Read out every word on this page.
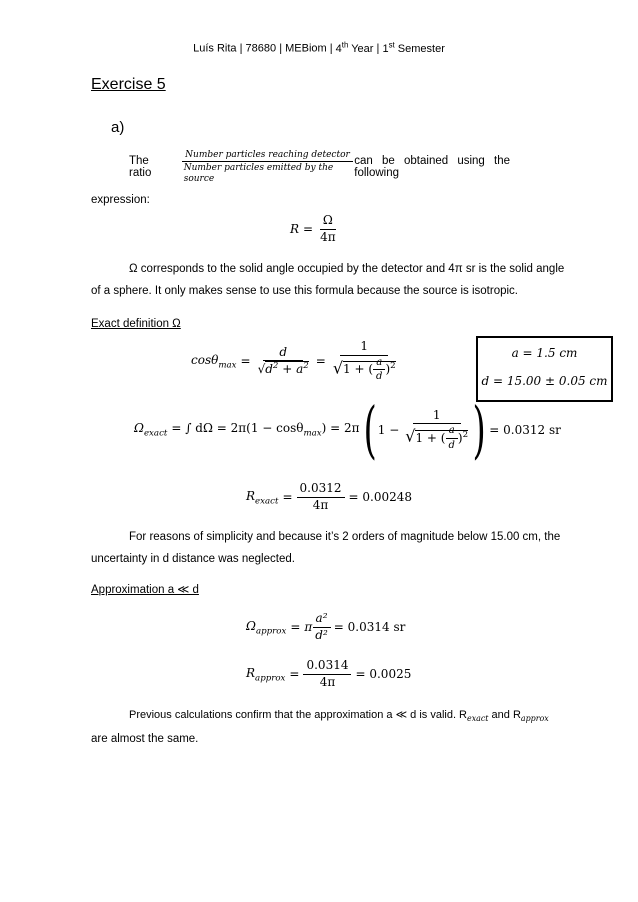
Luís Rita | 78680 | MEBiom | 4th Year | 1st Semester
Exercise 5
a)
The ratio	$\frac{\text{Number particles reaching detector}}{\text{Number particles emitted by the source}}$ can be obtained using the following
expression:
$R = \frac{\Omega}{4\pi}$
Ω corresponds to the solid angle occupied by the detector and 4π sr is the solid angle
of a sphere. It only makes sense to use this formula because the source is isotropic.
Exact definition Ω
a = 1.5 cm
d = 15.00 ± 0.05 cm
$\cos\theta_{max} = \frac{d}{√d^2 + a^2} = \frac{1}{√1 + ( \frac{a}{d} )^2}$
$\Omega_{exact}$ = ∫ dΩ = 2π(1 − cosθ$_{max}$) = 2π ( $1 - \frac{1}{√1 + ( \frac{a}{d} )^2}$ ) = 0.0312 sr
$R_{exact} = \frac{0.0312}{4\pi} = 0.00248$
For reasons of simplicity and because it’s 2 orders of magnitude below 15.00 cm, the
uncertainty in d distance was neglected.
Approximation a ≪ d
$\Omega_{approx} = \pi \frac{\text{a²}}{\text{d²}} = 0.0314$ sr
$R_{approx} = \frac{0.0314}{4\pi} = 0.0025$
Previous calculations confirm that the approximation a ≪ d is valid. $R_{exact}$ and $R_{approx}$
are almost the same.
